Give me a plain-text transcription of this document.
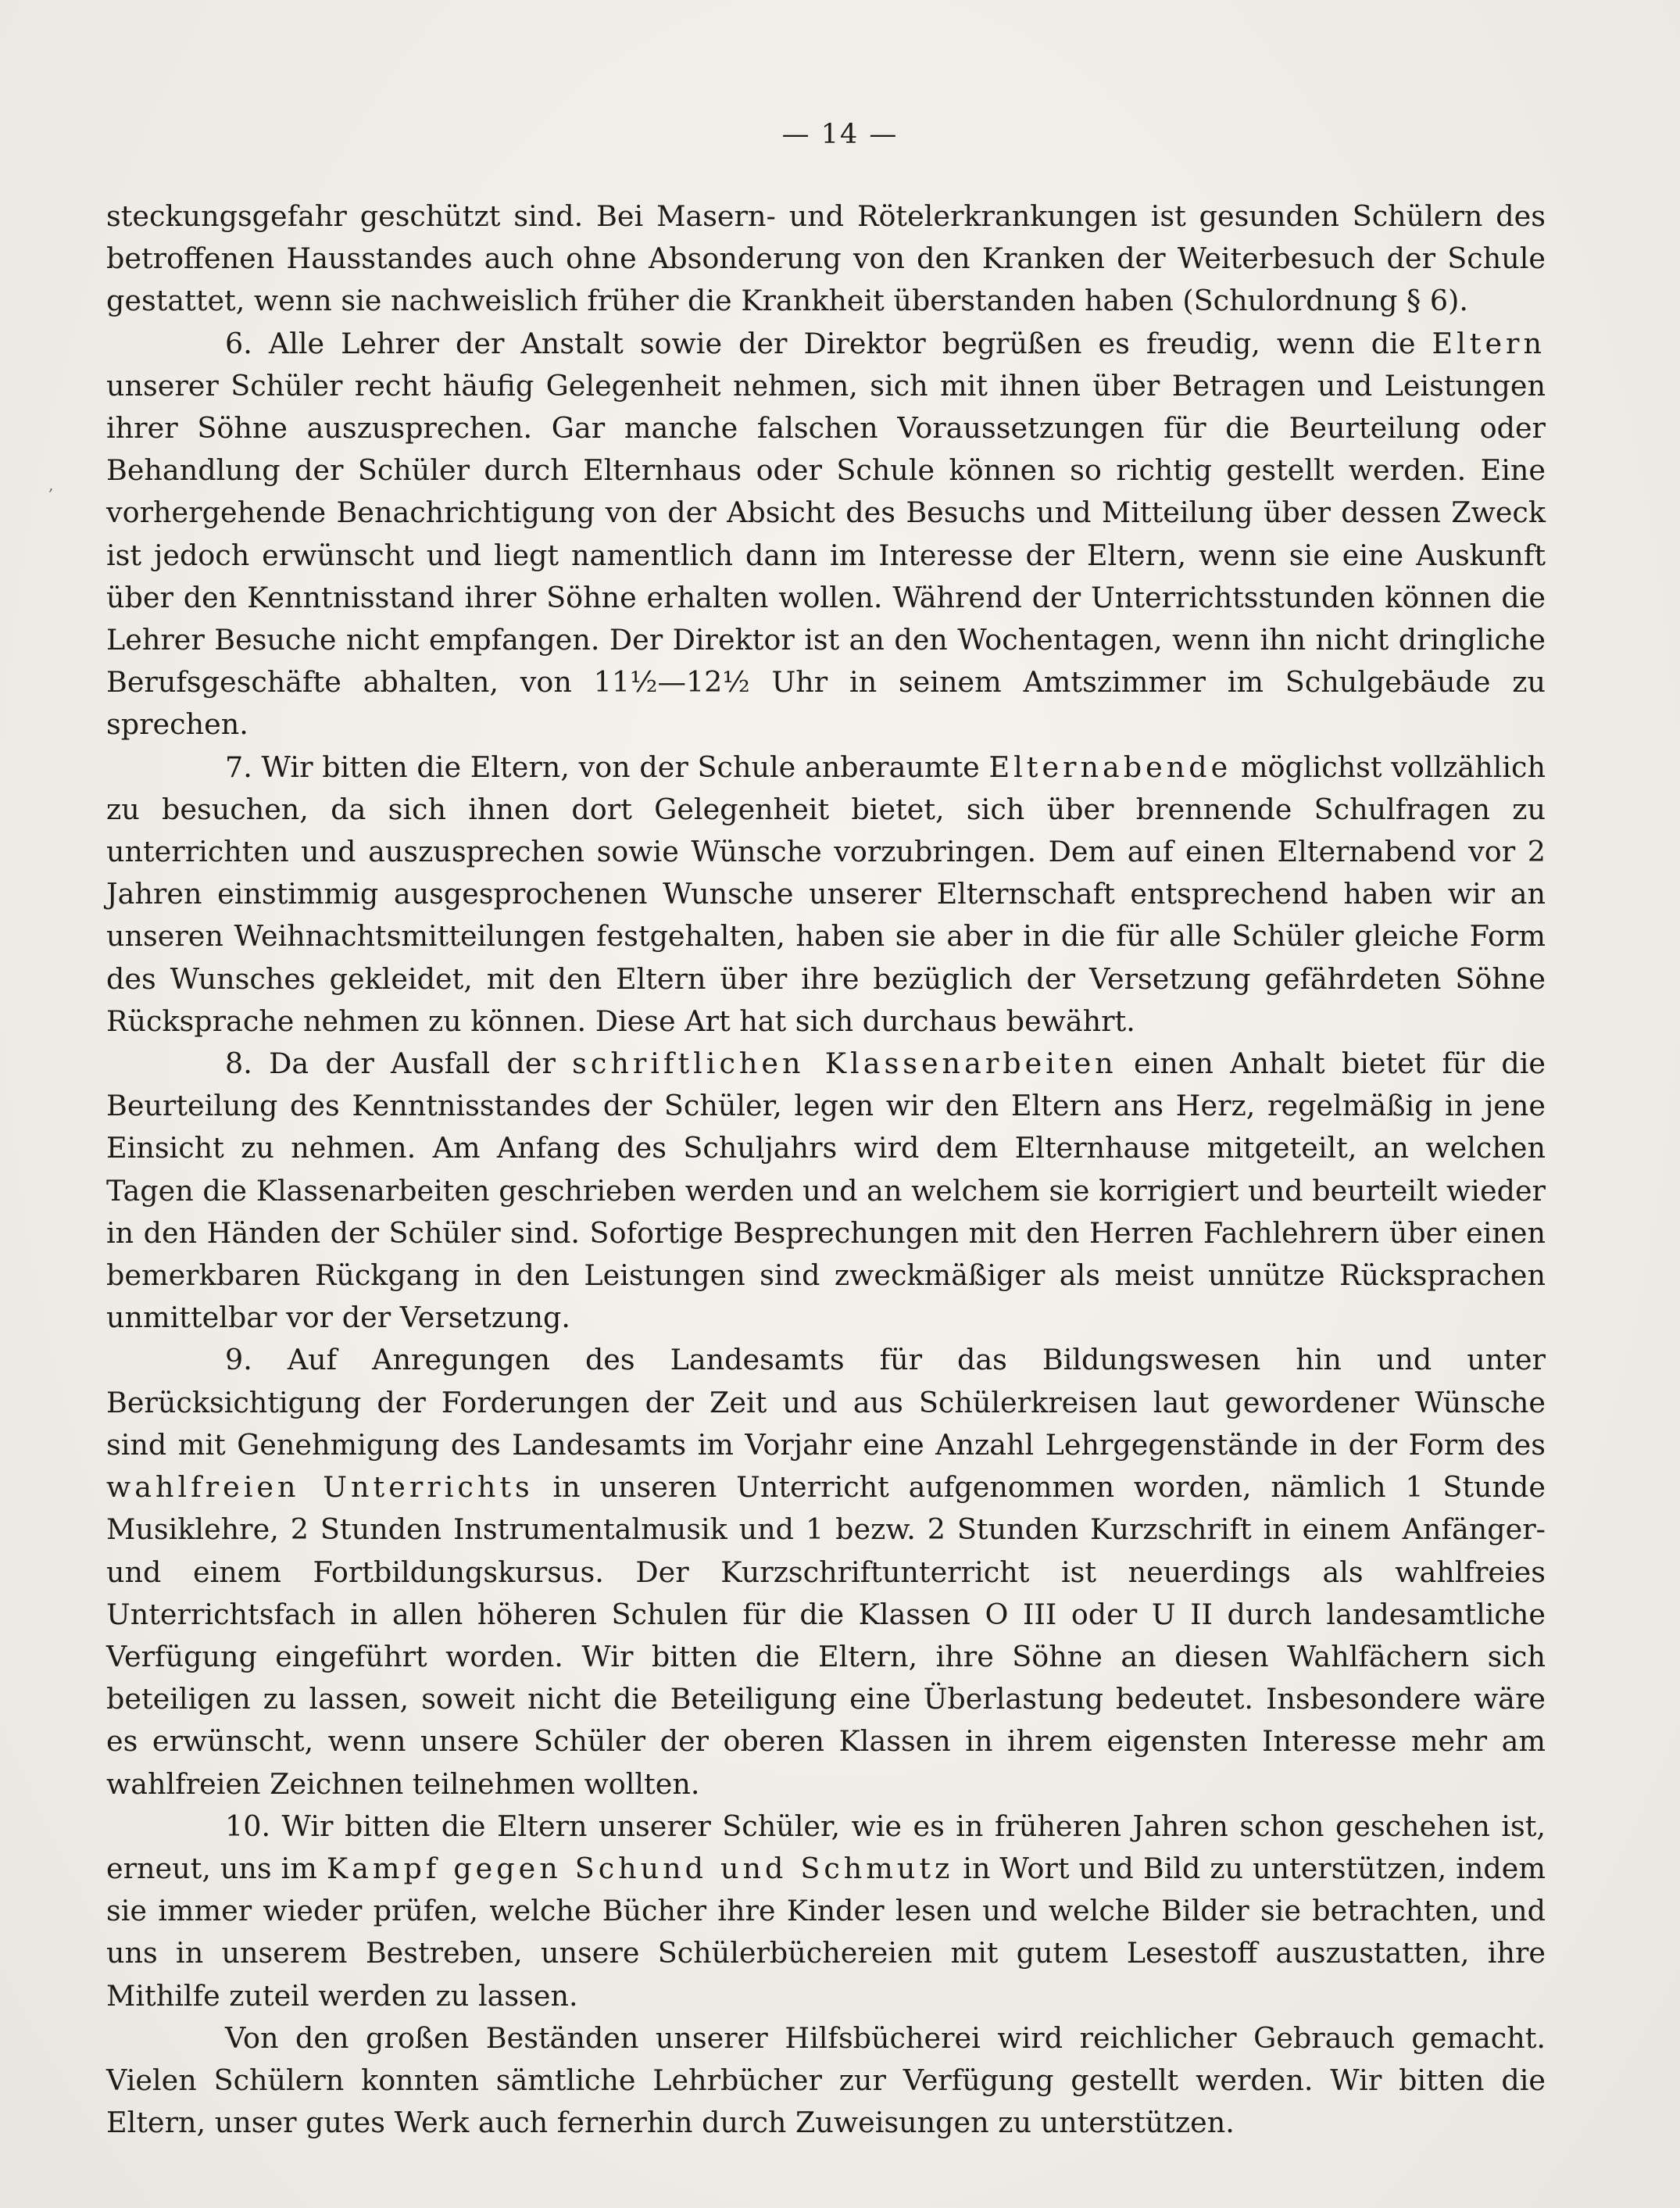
— 14 —
‚

steckungsgefahr geschützt sind. Bei Masern- und Rötelerkrankungen ist gesunden Schülern des betroffenen Hausstandes auch ohne Absonderung von den Kranken der Weiterbesuch der Schule gestattet, wenn sie nachweislich früher die Krankheit überstanden haben (Schulordnung § 6).

6. Alle Lehrer der Anstalt sowie der Direktor begrüßen es freudig, wenn die Eltern unserer Schüler recht häufig Gelegenheit nehmen, sich mit ihnen über Betragen und Leistungen ihrer Söhne auszusprechen. Gar manche falschen Voraussetzungen für die Beurteilung oder Behandlung der Schüler durch Elternhaus oder Schule können so richtig gestellt werden. Eine vorhergehende Benachrichtigung von der Absicht des Besuchs und Mitteilung über dessen Zweck ist jedoch erwünscht und liegt namentlich dann im Interesse der Eltern, wenn sie eine Auskunft über den Kenntnisstand ihrer Söhne erhalten wollen. Während der Unterrichtsstunden können die Lehrer Besuche nicht empfangen. Der Direktor ist an den Wochentagen, wenn ihn nicht dringliche Berufsgeschäfte abhalten, von 11½—12½ Uhr in seinem Amtszimmer im Schulgebäude zu sprechen.

7. Wir bitten die Eltern, von der Schule anberaumte Elternabende möglichst vollzählich zu besuchen, da sich ihnen dort Gelegenheit bietet, sich über brennende Schulfragen zu unterrichten und auszusprechen sowie Wünsche vorzubringen. Dem auf einen Elternabend vor 2 Jahren einstimmig ausgesprochenen Wunsche unserer Elternschaft entsprechend haben wir an unseren Weihnachtsmitteilungen festgehalten, haben sie aber in die für alle Schüler gleiche Form des Wunsches gekleidet, mit den Eltern über ihre bezüglich der Versetzung gefährdeten Söhne Rücksprache nehmen zu können. Diese Art hat sich durchaus bewährt.

8. Da der Ausfall der schriftlichen Klassenarbeiten einen Anhalt bietet für die Beurteilung des Kenntnisstandes der Schüler, legen wir den Eltern ans Herz, regelmäßig in jene Einsicht zu nehmen. Am Anfang des Schuljahrs wird dem Elternhause mitgeteilt, an welchen Tagen die Klassenarbeiten geschrieben werden und an welchem sie korrigiert und beurteilt wieder in den Händen der Schüler sind. Sofortige Besprechungen mit den Herren Fachlehrern über einen bemerkbaren Rückgang in den Leistungen sind zweckmäßiger als meist unnütze Rücksprachen unmittelbar vor der Versetzung.

9. Auf Anregungen des Landesamts für das Bildungswesen hin und unter Berücksichtigung der Forderungen der Zeit und aus Schülerkreisen laut gewordener Wünsche sind mit Genehmigung des Landesamts im Vorjahr eine Anzahl Lehrgegenstände in der Form des wahlfreien Unterrichts in unseren Unterricht aufgenommen worden, nämlich 1 Stunde Musiklehre, 2 Stunden Instrumentalmusik und 1 bezw. 2 Stunden Kurzschrift in einem Anfänger- und einem Fortbildungskursus. Der Kurzschriftunterricht ist neuerdings als wahlfreies Unterrichtsfach in allen höheren Schulen für die Klassen O III oder U II durch landesamtliche Verfügung eingeführt worden. Wir bitten die Eltern, ihre Söhne an diesen Wahlfächern sich beteiligen zu lassen, soweit nicht die Beteiligung eine Überlastung bedeutet. Insbesondere wäre es erwünscht, wenn unsere Schüler der oberen Klassen in ihrem eigensten Interesse mehr am wahlfreien Zeichnen teilnehmen wollten.

10. Wir bitten die Eltern unserer Schüler, wie es in früheren Jahren schon geschehen ist, erneut, uns im Kampf gegen Schund und Schmutz in Wort und Bild zu unterstützen, indem sie immer wieder prüfen, welche Bücher ihre Kinder lesen und welche Bilder sie betrachten, und uns in unserem Bestreben, unsere Schülerbüchereien mit gutem Lesestoff auszustatten, ihre Mithilfe zuteil werden zu lassen.

Von den großen Beständen unserer Hilfsbücherei wird reichlicher Gebrauch gemacht. Vielen Schülern konnten sämtliche Lehrbücher zur Verfügung gestellt werden. Wir bitten die Eltern, unser gutes Werk auch fernerhin durch Zuweisungen zu unterstützen.
